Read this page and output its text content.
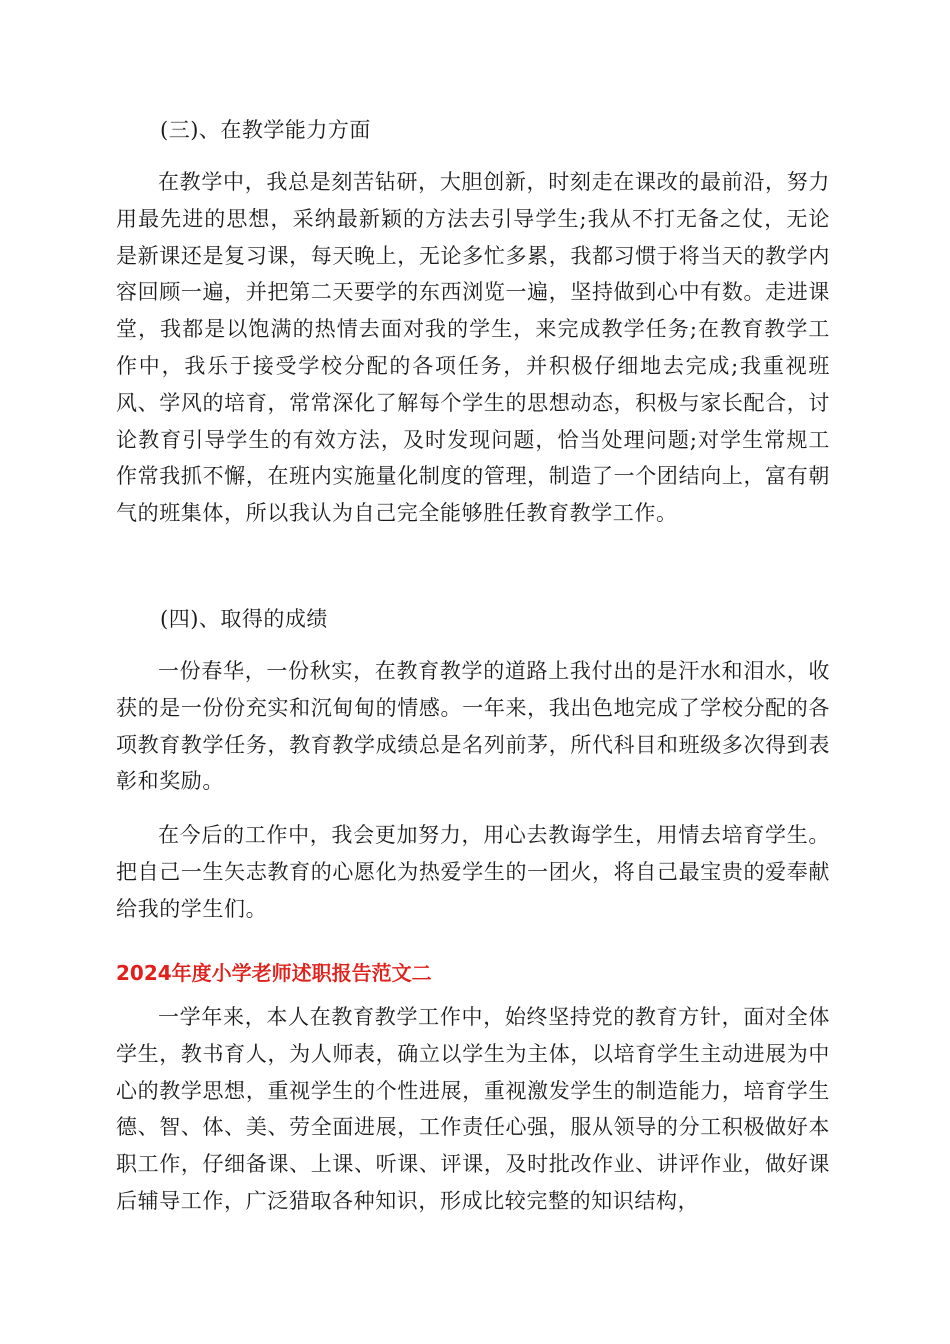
(三)、在教学能力方面
在教学中，我总是刻苦钻研，大胆创新，时刻走在课改的最前沿，努力用最先进的思想，采纳最新颖的方法去引导学生;我从不打无备之仗，无论是新课还是复习课，每天晚上，无论多忙多累，我都习惯于将当天的教学内容回顾一遍，并把第二天要学的东西浏览一遍，坚持做到心中有数。走进课堂，我都是以饱满的热情去面对我的学生，来完成教学任务;在教育教学工作中，我乐于接受学校分配的各项任务，并积极仔细地去完成;我重视班风、学风的培育，常常深化了解每个学生的思想动态，积极与家长配合，讨论教育引导学生的有效方法，及时发现问题，恰当处理问题;对学生常规工作常我抓不懈，在班内实施量化制度的管理，制造了一个团结向上，富有朝气的班集体，所以我认为自己完全能够胜任教育教学工作。
(四)、取得的成绩
一份春华，一份秋实，在教育教学的道路上我付出的是汗水和泪水，收获的是一份份充实和沉甸甸的情感。一年来，我出色地完成了学校分配的各项教育教学任务，教育教学成绩总是名列前茅，所代科目和班级多次得到表彰和奖励。
在今后的工作中，我会更加努力，用心去教诲学生，用情去培育学生。把自己一生矢志教育的心愿化为热爱学生的一团火，将自己最宝贵的爱奉献给我的学生们。
2024年度小学老师述职报告范文二
一学年来，本人在教育教学工作中，始终坚持党的教育方针，面对全体学生，教书育人，为人师表，确立以学生为主体，以培育学生主动进展为中心的教学思想，重视学生的个性进展，重视激发学生的制造能力，培育学生德、智、体、美、劳全面进展，工作责任心强，服从领导的分工积极做好本职工作，仔细备课、上课、听课、评课，及时批改作业、讲评作业，做好课后辅导工作，广泛猎取各种知识，形成比较完整的知识结构，
